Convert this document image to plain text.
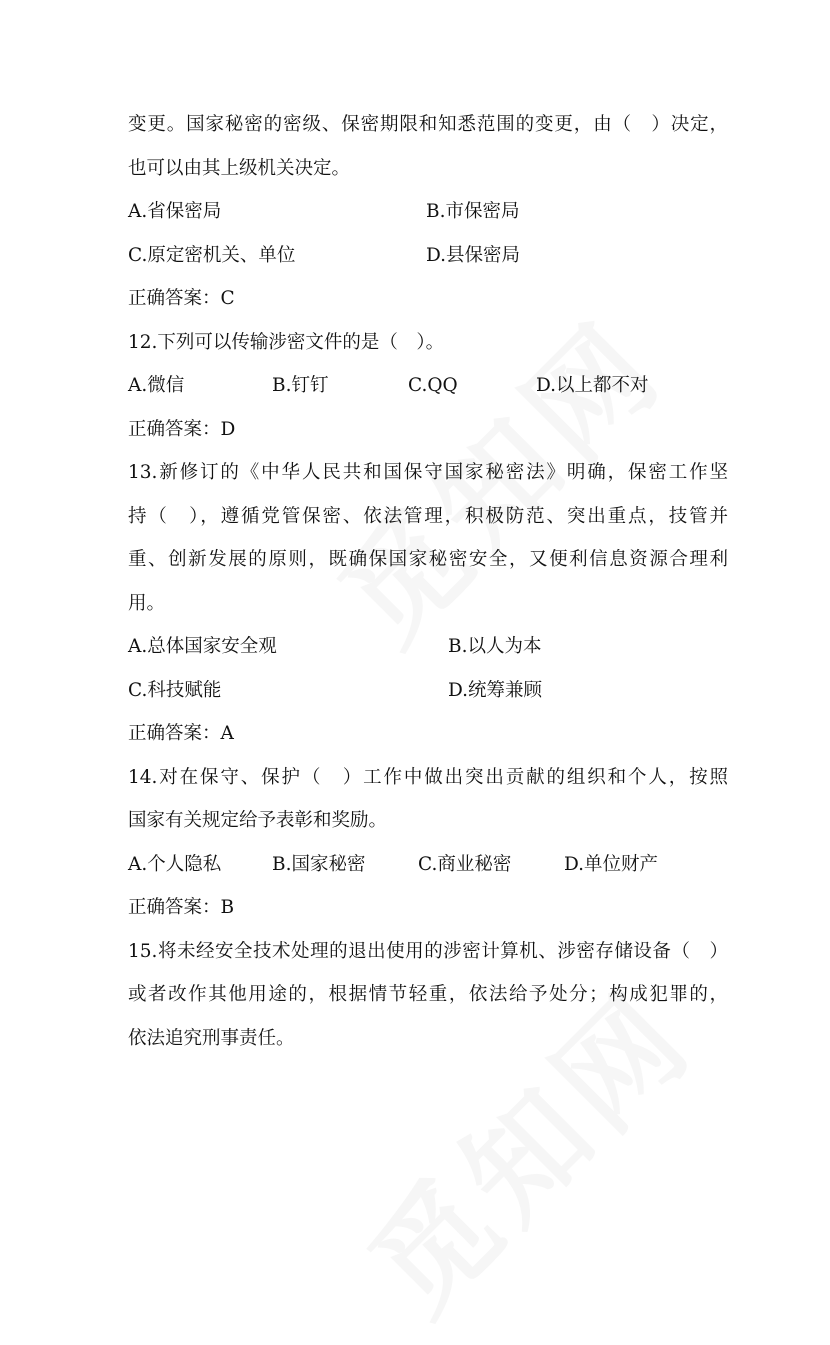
变更。国家秘密的密级、保密期限和知悉范围的变更，由（　）决定，
也可以由其上级机关决定。
A.省保密局	B.市保密局
C.原定密机关、单位	D.县保密局
正确答案：C
12.下列可以传输涉密文件的是（　）。
A.微信	B.钉钉	C.QQ	D.以上都不对
正确答案：D
13.新修订的《中华人民共和国保守国家秘密法》明确，保密工作坚
持（　），遵循党管保密、依法管理，积极防范、突出重点，技管并
重、创新发展的原则，既确保国家秘密安全，又便利信息资源合理利
用。
A.总体国家安全观	B.以人为本
C.科技赋能	D.统筹兼顾
正确答案：A
14.对在保守、保护（　）工作中做出突出贡献的组织和个人，按照
国家有关规定给予表彰和奖励。
A.个人隐私	B.国家秘密	C.商业秘密	D.单位财产
正确答案：B
15.将未经安全技术处理的退出使用的涉密计算机、涉密存储设备（　）
或者改作其他用途的，根据情节轻重，依法给予处分；构成犯罪的，
依法追究刑事责任。
